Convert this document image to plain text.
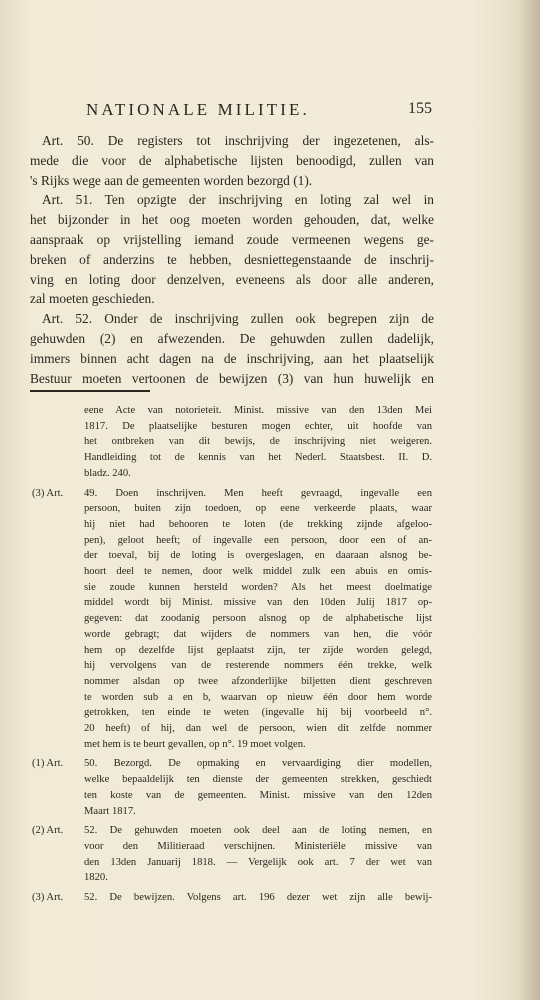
NATIONALE MILITIE.	155
Art. 50. De registers tot inschrijving der ingezetenen, als-
mede die voor de alphabetische lijsten benoodigd, zullen van
's Rijks wege aan de gemeenten worden bezorgd (1).
Art. 51. Ten opzigte der inschrijving en loting zal wel in
het bijzonder in het oog moeten worden gehouden, dat, welke
aanspraak op vrijstelling iemand zoude vermeenen wegens ge-
breken of anderzins te hebben, desniettegenstaande de inschrij-
ving en loting door denzelven, eveneens als door alle anderen,
zal moeten geschieden.
Art. 52. Onder de inschrijving zullen ook begrepen zijn de
gehuwden (2) en afwezenden. De gehuwden zullen dadelijk,
immers binnen acht dagen na de inschrijving, aan het plaatselijk
Bestuur moeten vertoonen de bewijzen (3) van hun huwelijk en
eene Acte van notorieteit. Minist. missive van den 13den Mei
1817. De plaatselijke besturen mogen echter, uit hoofde van
het ontbreken van dit bewijs, de inschrijving niet weigeren.
Handleiding tot de kennis van het Nederl. Staatsbest. II. D.
bladz. 240.
(3) Art.	49. Doen inschrijven. Men heeft gevraagd, ingevalle een
persoon, buiten zijn toedoen, op eene verkeerde plaats, waar
hij niet had behooren te loten (de trekking zijnde afgeloo-
pen), geloot heeft; of ingevalle een persoon, door een of an-
der toeval, bij de loting is overgeslagen, en daaraan alsnog be-
hoort deel te nemen, door welk middel zulk een abuis en omis-
sie zoude kunnen hersteld worden? Als het meest doelmatige
middel wordt bij Minist. missive van den 10den Julij 1817 op-
gegeven: dat zoodanig persoon alsnog op de alphabetische lijst
worde gebragt; dat wijders de nommers van hen, die vóór
hem op dezelfde lijst geplaatst zijn, ter zijde worden gelegd,
hij vervolgens van de resterende nommers één trekke, welk
nommer alsdan op twee afzonderlijke biljetten dient geschreven
te worden sub a en b, waarvan op nieuw één door hem worde
getrokken, ten einde te weten (ingevalle hij bij voorbeeld n°.
20 heeft) of hij, dan wel de persoon, wien dit zelfde nommer
met hem is te beurt gevallen, op n°. 19 moet volgen.
(1) Art.	50. Bezorgd. De opmaking en vervaardiging dier modellen,
welke bepaaldelijk ten dienste der gemeenten strekken, geschiedt
ten koste van de gemeenten. Minist. missive van den 12den
Maart 1817.
(2) Art.	52. De gehuwden moeten ook deel aan de loting nemen, en
voor den Militieraad verschijnen. Ministeriële missive van
den 13den Januarij 1818. — Vergelijk ook art. 7 der wet van
1820.
(3) Art.	52. De bewijzen. Volgens art. 196 dezer wet zijn alle bewij-
